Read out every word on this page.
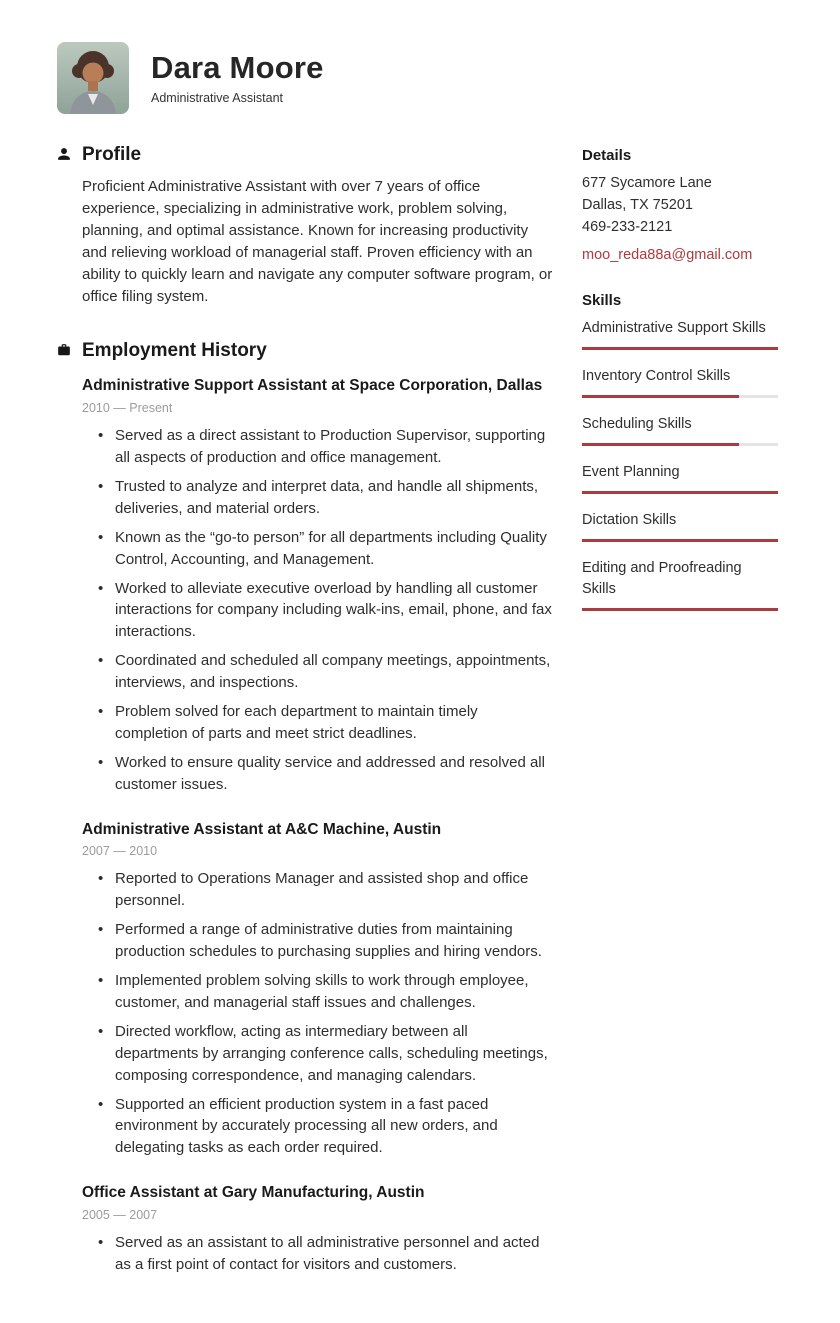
Dara Moore
Administrative Assistant
Profile

Proficient Administrative Assistant with over 7 years of office experience, specializing in administrative work, problem solving, planning, and optimal assistance. Known for increasing productivity and relieving workload of managerial staff. Proven efficiency with an ability to quickly learn and navigate any computer software program, or office filing system.

Employment History
Administrative Support Assistant at Space Corporation, Dallas
2010 — Present
• Served as a direct assistant to Production Supervisor, supporting all aspects of production and office management.
• Trusted to analyze and interpret data, and handle all shipments, deliveries, and material orders.
• Known as the “go-to person” for all departments including Quality Control, Accounting, and Management.
• Worked to alleviate executive overload by handling all customer interactions for company including walk-ins, email, phone, and fax interactions.
• Coordinated and scheduled all company meetings, appointments, interviews, and inspections.
• Problem solved for each department to maintain timely completion of parts and meet strict deadlines.
• Worked to ensure quality service and addressed and resolved all customer issues.
Administrative Assistant at A&C Machine, Austin
2007 — 2010
• Reported to Operations Manager and assisted shop and office personnel.
• Performed a range of administrative duties from maintaining production schedules to purchasing supplies and hiring vendors.
• Implemented problem solving skills to work through employee, customer, and managerial staff issues and challenges.
• Directed workflow, acting as intermediary between all departments by arranging conference calls, scheduling meetings, composing correspondence, and managing calendars.
• Supported an efficient production system in a fast paced environment by accurately processing all new orders, and delegating tasks as each order required.
Office Assistant at Gary Manufacturing, Austin
2005 — 2007
• Served as an assistant to all administrative personnel and acted as a first point of contact for visitors and customers.
Details
677 Sycamore Lane
Dallas, TX 75201
469-233-2121
moo_reda88a@gmail.com
Skills
Administrative Support Skills
Inventory Control Skills
Scheduling Skills
Event Planning
Dictation Skills
Editing and Proofreading Skills
